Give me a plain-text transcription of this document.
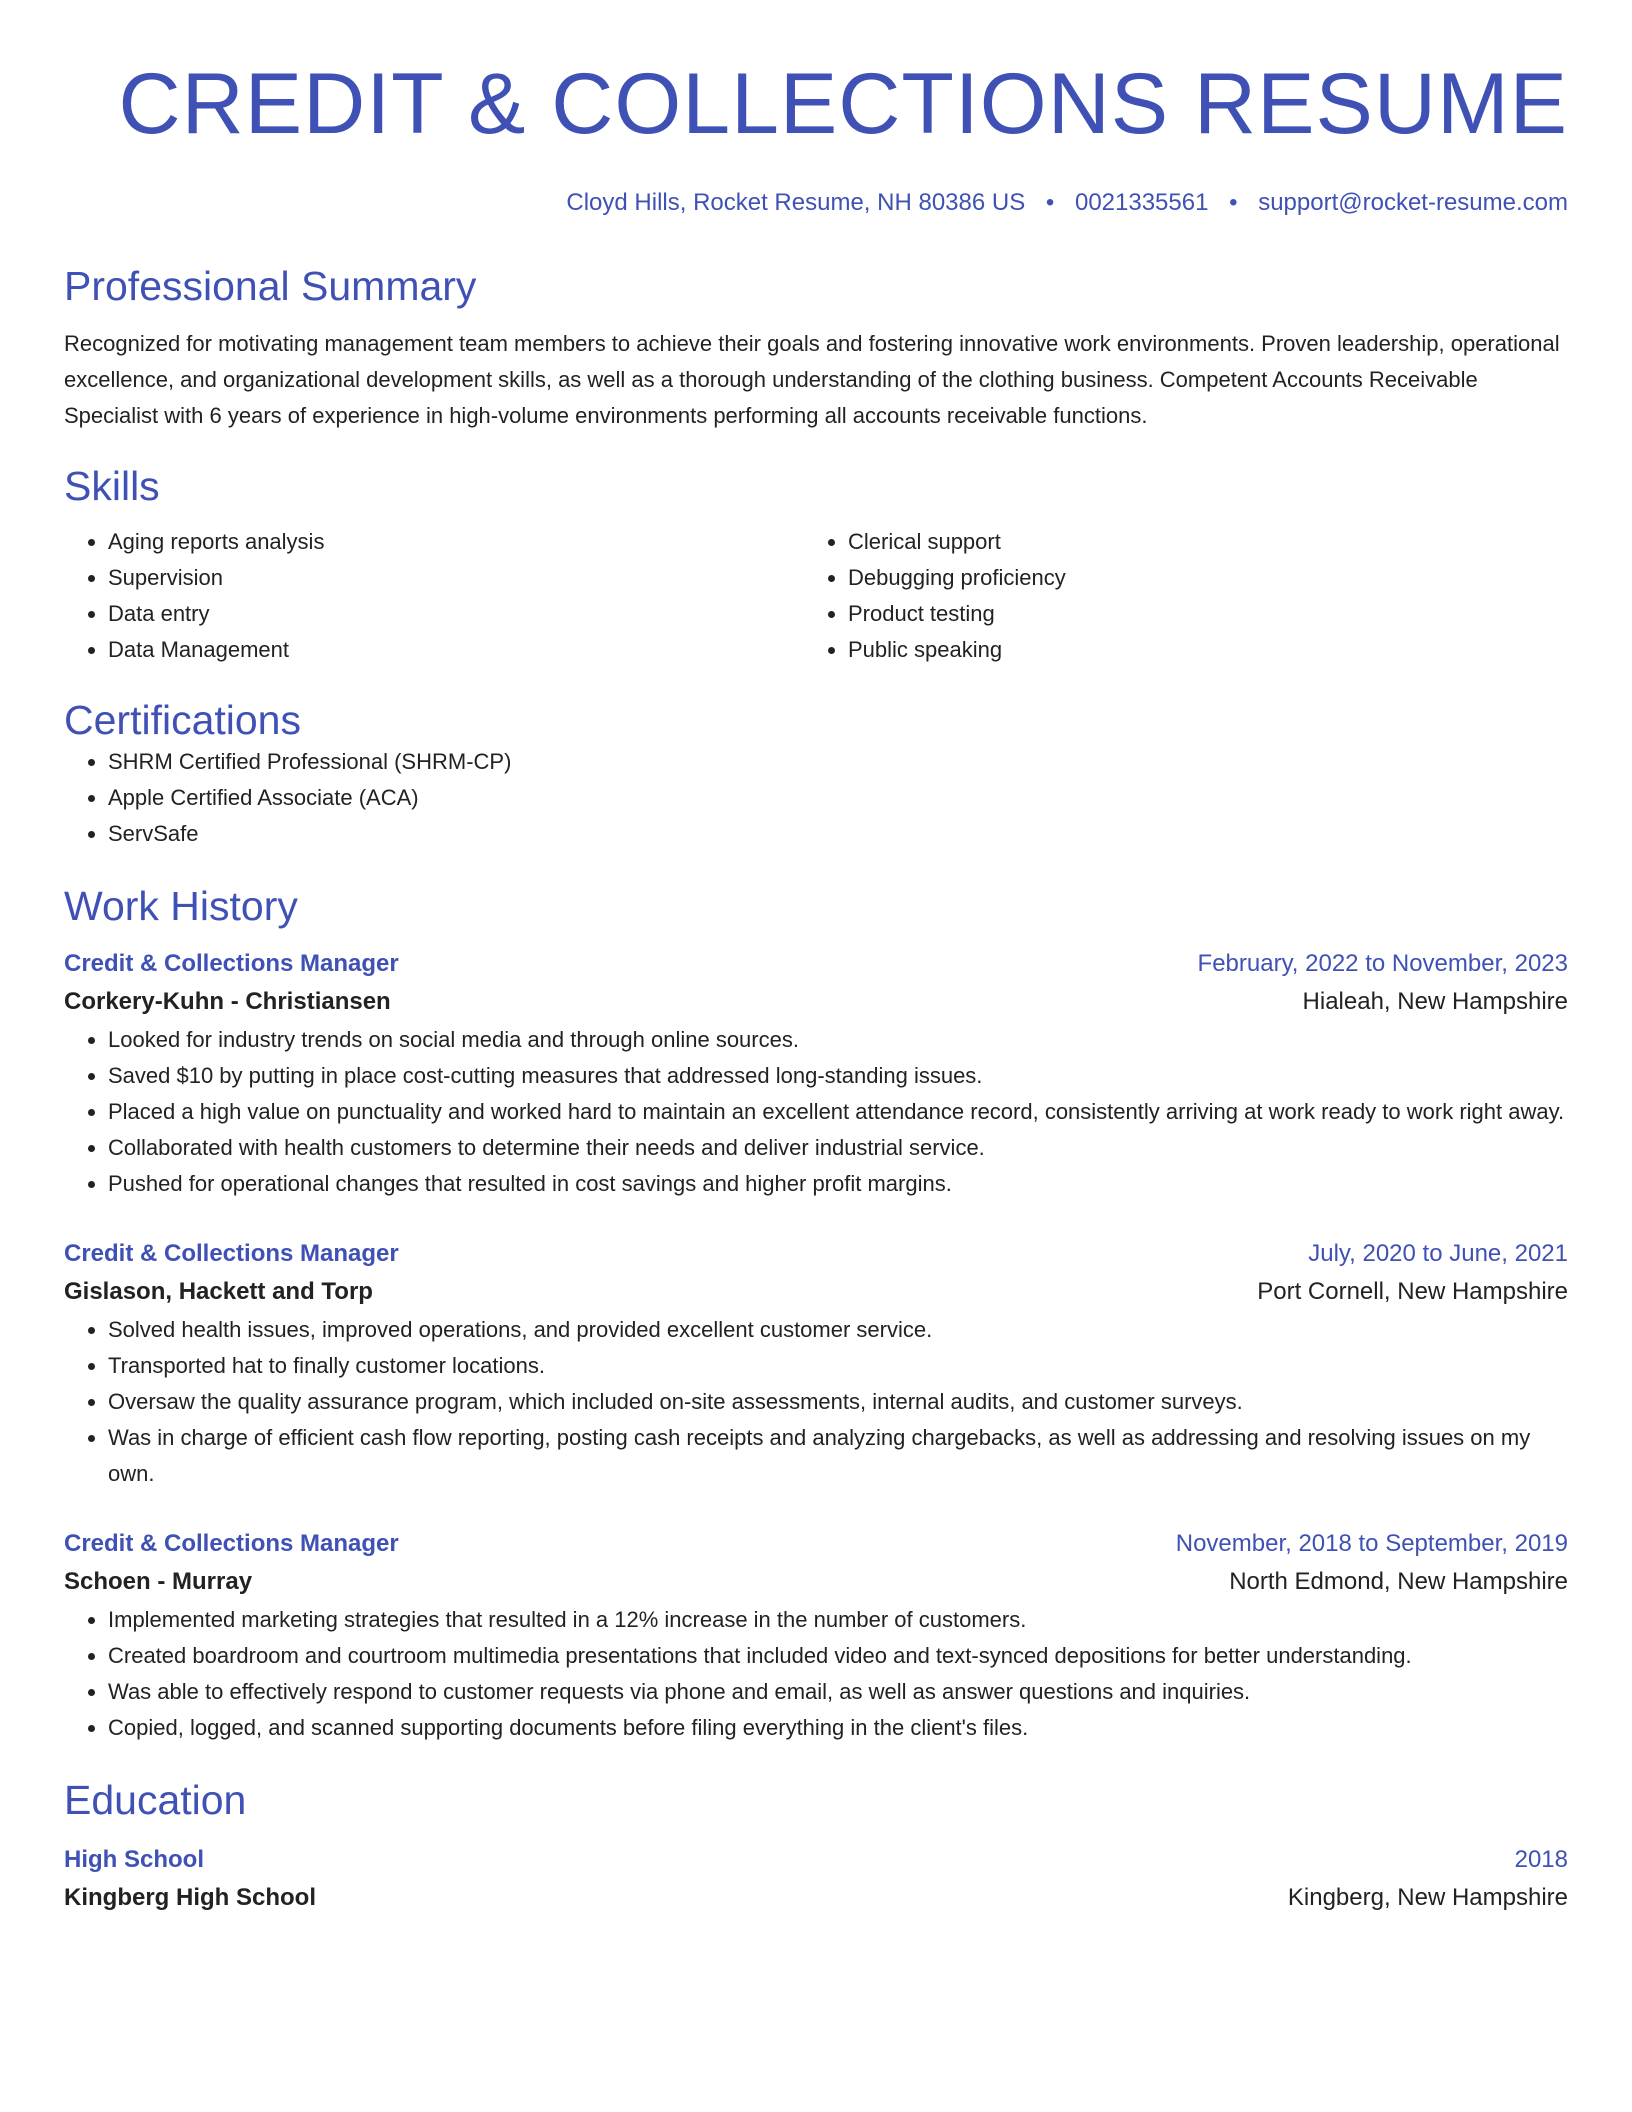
CREDIT & COLLECTIONS RESUME
Cloyd Hills, Rocket Resume, NH 80386 US • 0021335561 • support@rocket-resume.com
Professional Summary

Recognized for motivating management team members to achieve their goals and fostering innovative work environments. Proven leadership, operational excellence, and organizational development skills, as well as a thorough understanding of the clothing business. Competent Accounts Receivable Specialist with 6 years of experience in high-volume environments performing all accounts receivable functions.

Skills
• Aging reports analysis
• Supervision
• Data entry
• Data Management
• Clerical support
• Debugging proficiency
• Product testing
• Public speaking
Certifications
• SHRM Certified Professional (SHRM-CP)
• Apple Certified Associate (ACA)
• ServSafe
Work History
Credit & Collections Manager	February, 2022 to November, 2023
Corkery-Kuhn - Christiansen	Hialeah, New Hampshire
• Looked for industry trends on social media and through online sources.
• Saved $10 by putting in place cost-cutting measures that addressed long-standing issues.
• Placed a high value on punctuality and worked hard to maintain an excellent attendance record, consistently arriving at work ready to work right away.
• Collaborated with health customers to determine their needs and deliver industrial service.
• Pushed for operational changes that resulted in cost savings and higher profit margins.
Credit & Collections Manager	July, 2020 to June, 2021
Gislason, Hackett and Torp	Port Cornell, New Hampshire
• Solved health issues, improved operations, and provided excellent customer service.
• Transported hat to finally customer locations.
• Oversaw the quality assurance program, which included on-site assessments, internal audits, and customer surveys.
• Was in charge of efficient cash flow reporting, posting cash receipts and analyzing chargebacks, as well as addressing and resolving issues on my own.
Credit & Collections Manager	November, 2018 to September, 2019
Schoen - Murray	North Edmond, New Hampshire
• Implemented marketing strategies that resulted in a 12% increase in the number of customers.
• Created boardroom and courtroom multimedia presentations that included video and text-synced depositions for better understanding.
• Was able to effectively respond to customer requests via phone and email, as well as answer questions and inquiries.
• Copied, logged, and scanned supporting documents before filing everything in the client's files.
Education
High School	2018
Kingberg High School	Kingberg, New Hampshire
